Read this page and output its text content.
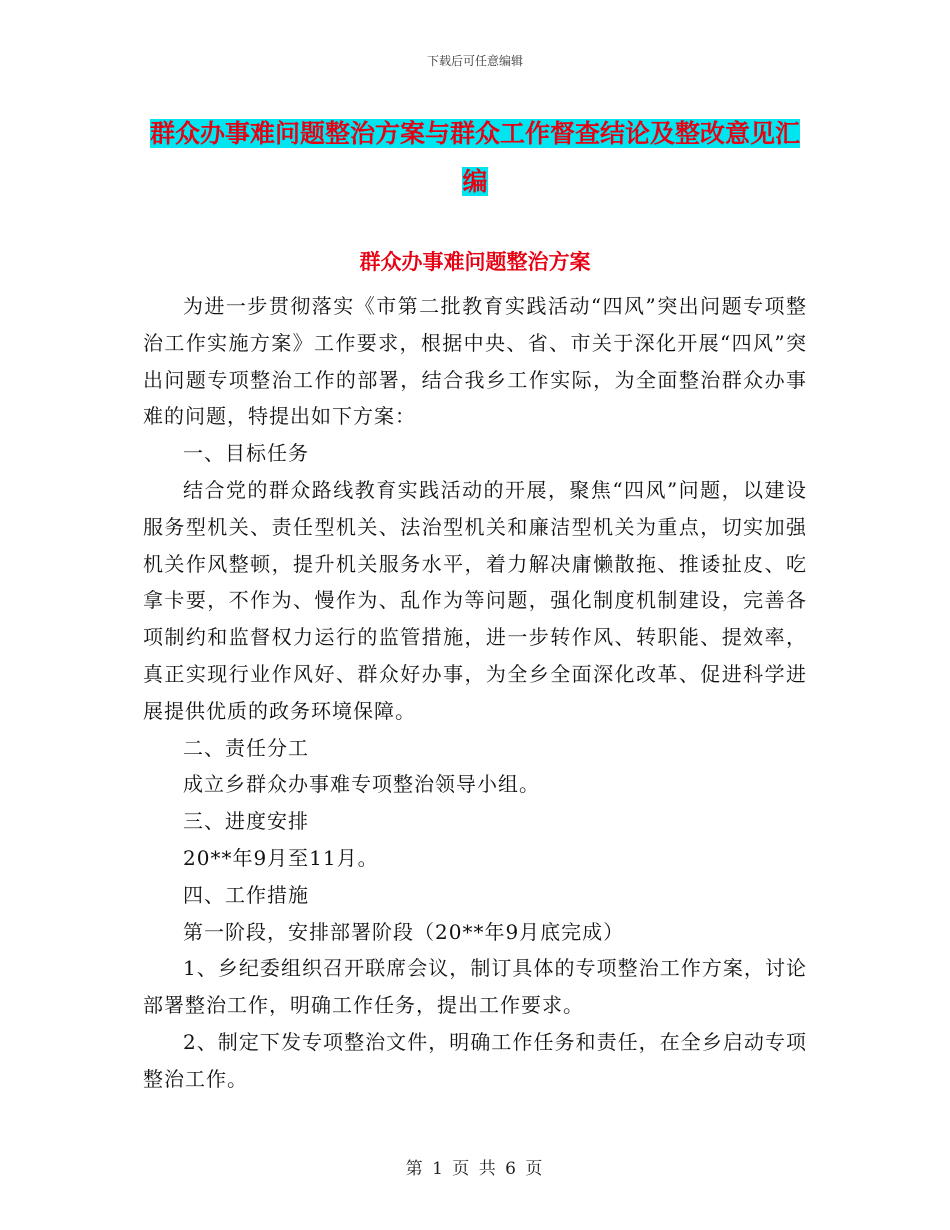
下载后可任意编辑
群众办事难问题整治方案与群众工作督查结论及整改意见汇编
群众办事难问题整治方案

为进一步贯彻落实《市第二批教育实践活动“四风”突出问题专项整治工作实施方案》工作要求，根据中央、省、市关于深化开展“四风”突出问题专项整治工作的部署，结合我乡工作实际，为全面整治群众办事难的问题，特提出如下方案：

一、目标任务

结合党的群众路线教育实践活动的开展，聚焦“四风”问题，以建设服务型机关、责任型机关、法治型机关和廉洁型机关为重点，切实加强机关作风整顿，提升机关服务水平，着力解决庸懒散拖、推诿扯皮、吃拿卡要，不作为、慢作为、乱作为等问题，强化制度机制建设，完善各项制约和监督权力运行的监管措施，进一步转作风、转职能、提效率，真正实现行业作风好、群众好办事，为全乡全面深化改革、促进科学进展提供优质的政务环境保障。

二、责任分工

成立乡群众办事难专项整治领导小组。

三、进度安排

20**年9月至11月。

四、工作措施

第一阶段，安排部署阶段（20**年9月底完成）

1、乡纪委组织召开联席会议，制订具体的专项整治工作方案，讨论部署整治工作，明确工作任务，提出工作要求。

2、制定下发专项整治文件，明确工作任务和责任，在全乡启动专项整治工作。

第 1 页 共 6 页
